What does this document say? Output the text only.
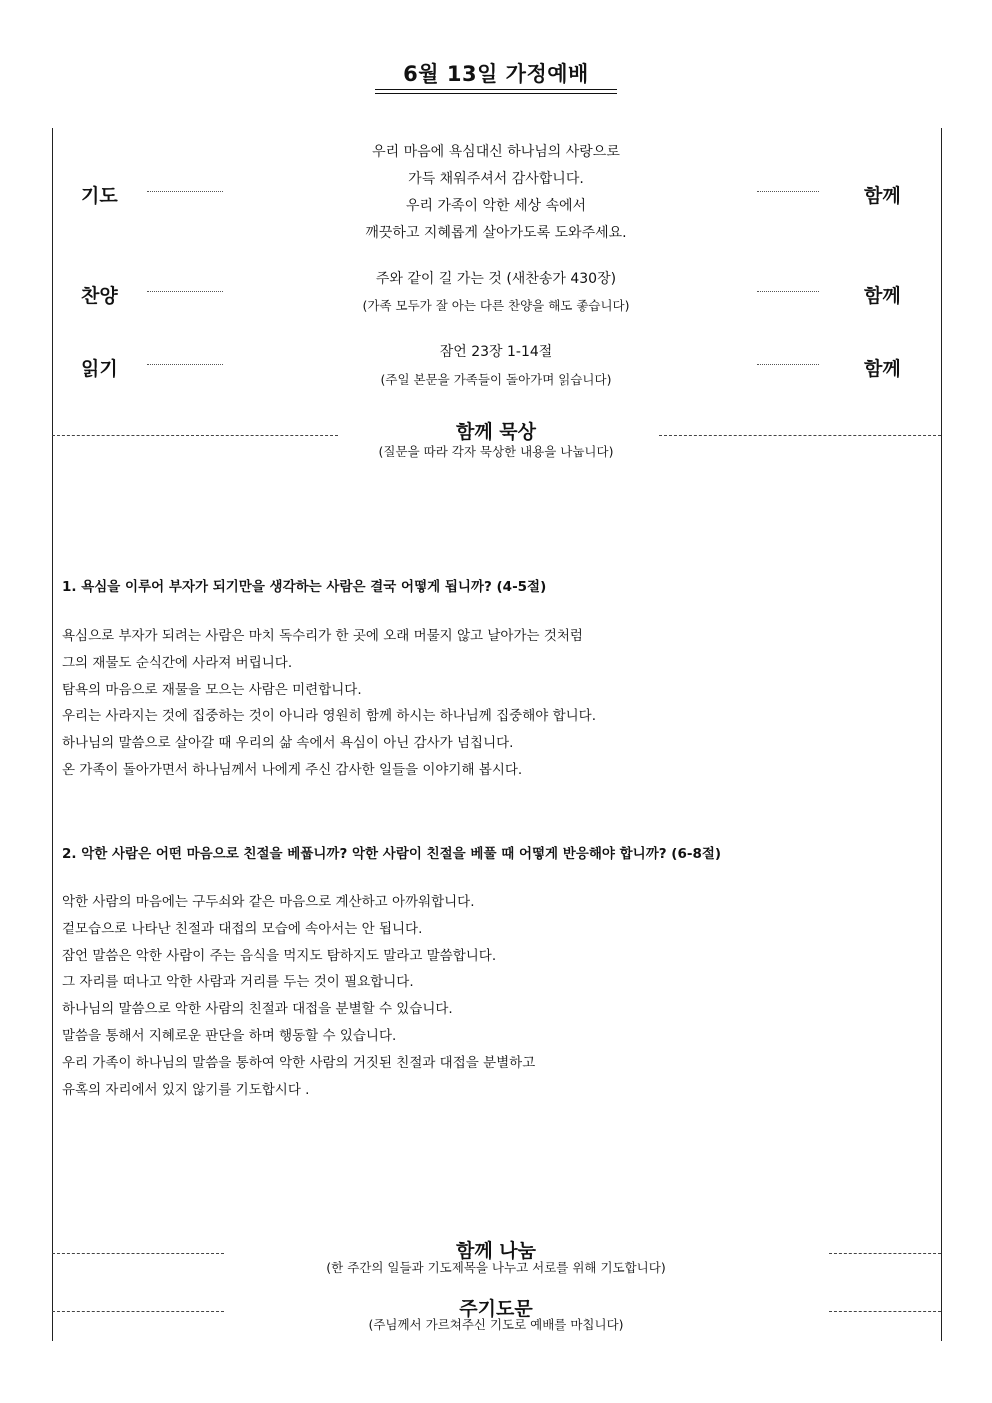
6월 13일 가정예배
기도
우리 마음에 욕심대신 하나님의 사랑으로
가득 채워주셔서 감사합니다.
우리 가족이 악한 세상 속에서
깨끗하고 지혜롭게 살아가도록 도와주세요.
함께
찬양
주와 같이 길 가는 것 (새찬송가 430장)
(가족 모두가 잘 아는 다른 찬양을 해도 좋습니다)	함께
읽기
잠언 23장 1-14절
(주일 본문을 가족들이 돌아가며 읽습니다)	함께
함께 묵상
(질문을 따라 각자 묵상한 내용을 나눕니다)
1. 욕심을 이루어 부자가 되기만을 생각하는 사람은 결국 어떻게 됩니까? (4-5절)
욕심으로 부자가 되려는 사람은 마치 독수리가 한 곳에 오래 머물지 않고 날아가는 것처럼
그의 재물도 순식간에 사라져 버립니다.
탐욕의 마음으로 재물을 모으는 사람은 미련합니다.
우리는 사라지는 것에 집중하는 것이 아니라 영원히 함께 하시는 하나님께 집중해야 합니다.
하나님의 말씀으로 살아갈 때 우리의 삶 속에서 욕심이 아닌 감사가 넘칩니다.
온 가족이 돌아가면서 하나님께서 나에게 주신 감사한 일들을 이야기해 봅시다.
2. 악한 사람은 어떤 마음으로 친절을 베풉니까? 악한 사람이 친절을 베풀 때 어떻게 반응해야 합니까? (6-8절)
악한 사람의 마음에는 구두쇠와 같은 마음으로 계산하고 아까워합니다.
겉모습으로 나타난 친절과 대접의 모습에 속아서는 안 됩니다.
잠언 말씀은 악한 사람이 주는 음식을 먹지도 탐하지도 말라고 말씀합니다.
그 자리를 떠나고 악한 사람과 거리를 두는 것이 필요합니다.
하나님의 말씀으로 악한 사람의 친절과 대접을 분별할 수 있습니다.
말씀을 통해서 지혜로운 판단을 하며 행동할 수 있습니다.
우리 가족이 하나님의 말씀을 통하여 악한 사람의 거짓된 친절과 대접을 분별하고
유혹의 자리에서 있지 않기를 기도합시다 .
함께 나눔
(한 주간의 일들과 기도제목을 나누고 서로를 위해 기도합니다)
주기도문
(주님께서 가르쳐주신 기도로 예배를 마칩니다)
